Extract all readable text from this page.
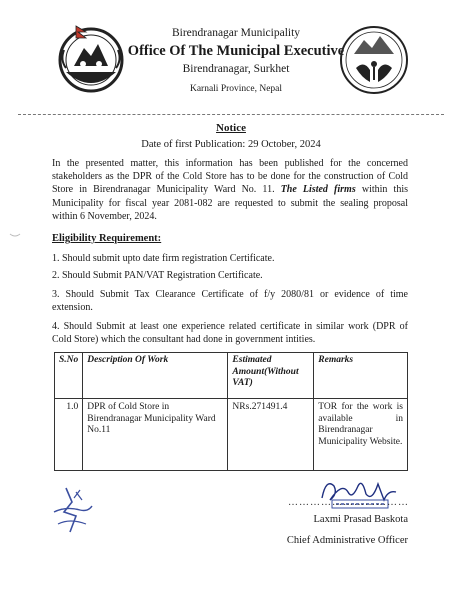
Birendranagar Municipality
Office Of The Municipal Executive
Birendranagar, Surkhet
Karnali Province, Nepal
Notice
Date of first Publication: 29 October, 2024
In the presented matter, this information has been published for the concerned stakeholders as the DPR of the Cold Store has to be done for the construction of Cold Store in Birendranagar Municipality Ward No. 11. The Listed firms within this Municipality for fiscal year 2081-082 are requested to submit the sealing proposal within 6 November, 2024.
Eligibility Requirement:
1. Should submit upto date firm registration Certificate.
2. Should Submit PAN/VAT Registration Certificate.
3. Should Submit Tax Clearance Certificate of f/y 2080/81 or evidence of time extension.
4. Should Submit at least one experience related certificate in similar work (DPR of Cold Store) which the consultant had done in government intities.
S.No	Description Of Work	Estimated Amount(Without VAT)	Remarks
1.0	DPR of Cold Store in Birendranagar Municipality Ward No.11	NRs.271491.4	TOR for the work is available in Birendranagar Municipality Website.
……………………………
Laxmi Prasad Baskota
Chief Administrative Officer
